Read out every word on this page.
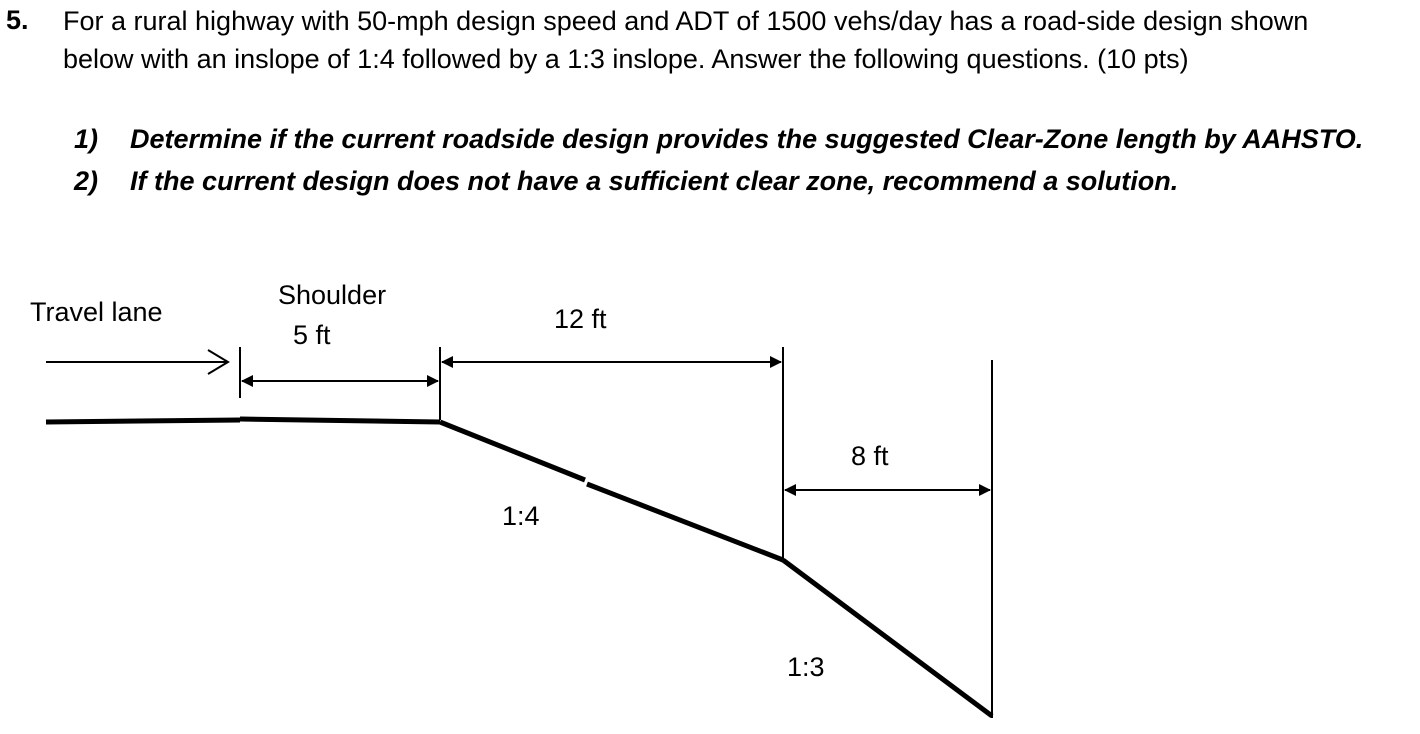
5. For a rural highway with 50-mph design speed and ADT of 1500 vehs/day has a road-side design shown
below with an inslope of 1:4 followed by a 1:3 inslope. Answer the following questions. (10 pts)
1)	Determine if the current roadside design provides the suggested Clear-Zone length by AAHSTO.
2)	If the current design does not have a sufficient clear zone, recommend a solution.
Travel lane
Shoulder
5 ft
12 ft
8 ft
1:4
1:3
